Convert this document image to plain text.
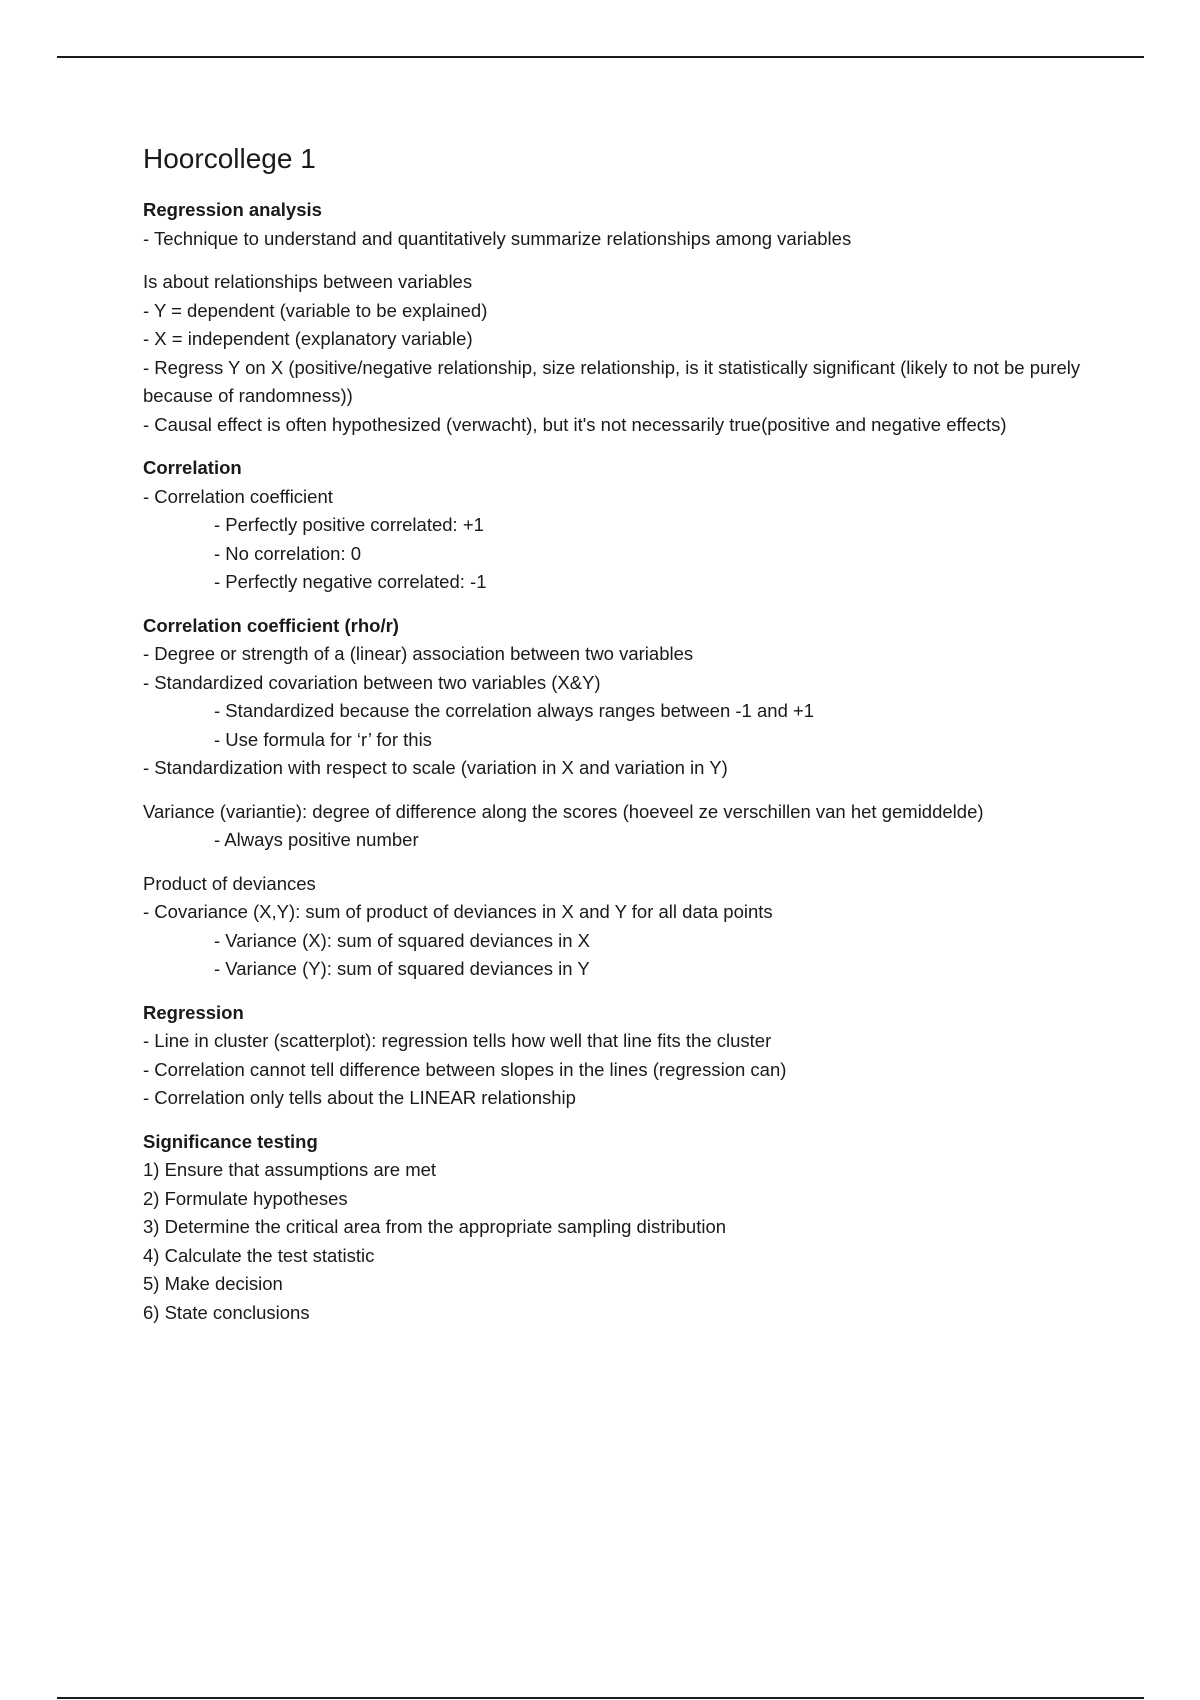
Hoorcollege 1
Regression analysis
- Technique to understand and quantitatively summarize relationships among variables
Is about relationships between variables
- Y = dependent (variable to be explained)
- X = independent (explanatory variable)
- Regress Y on X (positive/negative relationship, size relationship, is it statistically significant (likely to not be purely because of randomness))
- Causal effect is often hypothesized (verwacht), but it's not necessarily true(positive and negative effects)
Correlation
- Correlation coefficient
- Perfectly positive correlated: +1
- No correlation: 0
- Perfectly negative correlated: -1
Correlation coefficient (rho/r)
- Degree or strength of a (linear) association between two variables
- Standardized covariation between two variables (X&Y)
- Standardized because the correlation always ranges between -1 and +1
- Use formula for ‘r’ for this
- Standardization with respect to scale (variation in X and variation in Y)
Variance (variantie): degree of difference along the scores (hoeveel ze verschillen van het gemiddelde)
- Always positive number
Product of deviances
- Covariance (X,Y): sum of product of deviances in X and Y for all data points
- Variance (X): sum of squared deviances in X
- Variance (Y): sum of squared deviances in Y
Regression
- Line in cluster (scatterplot): regression tells how well that line fits the cluster
- Correlation cannot tell difference between slopes in the lines (regression can)
- Correlation only tells about the LINEAR relationship
Significance testing
1) Ensure that assumptions are met
2) Formulate hypotheses
3) Determine the critical area from the appropriate sampling distribution
4) Calculate the test statistic
5) Make decision
6) State conclusions
